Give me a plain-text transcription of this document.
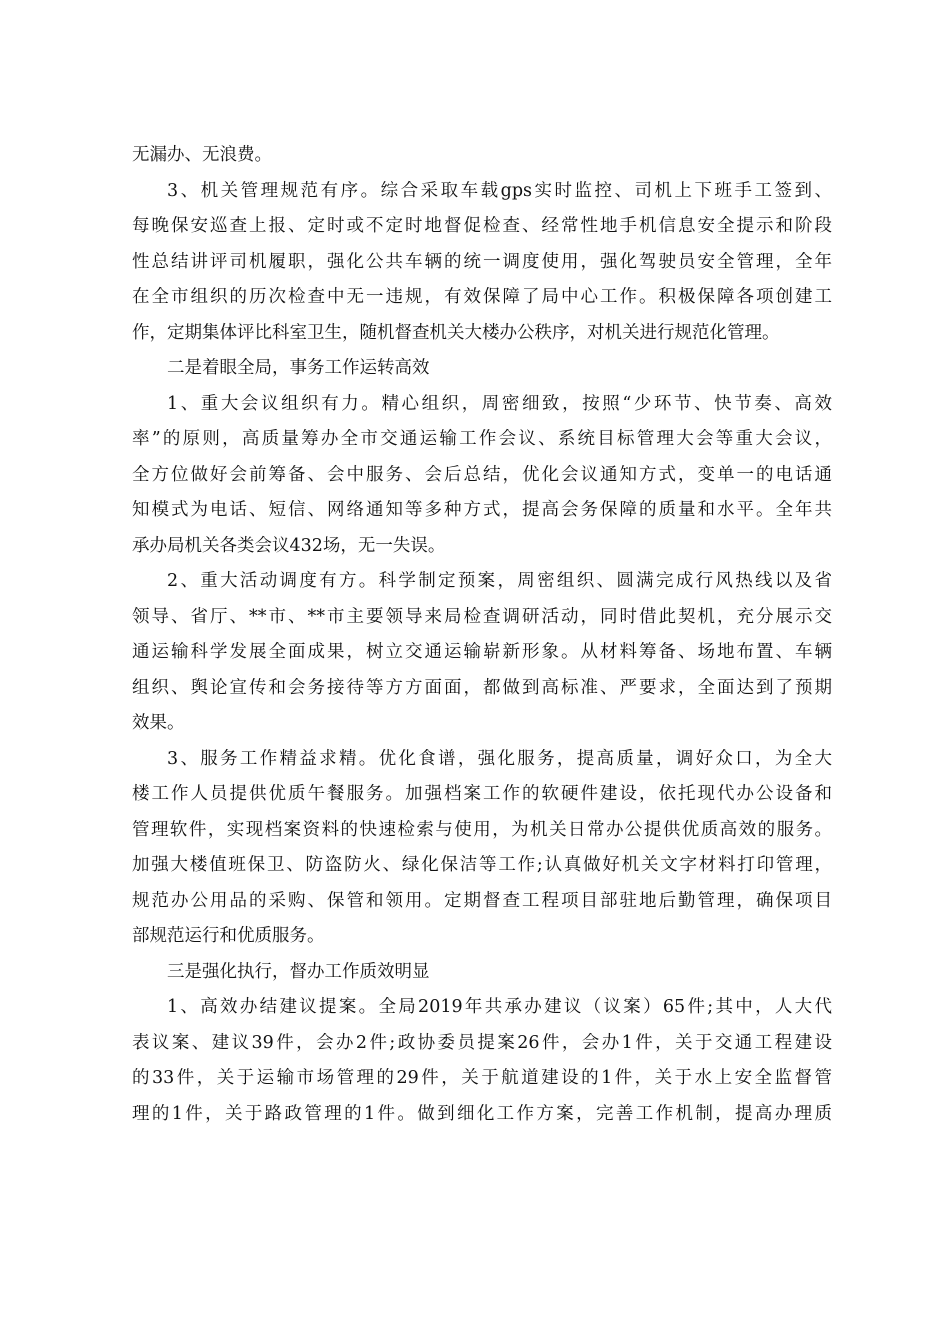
无漏办、无浪费。
3、机关管理规范有序。综合采取车载gps实时监控、司机上下班手工签到、
每晚保安巡查上报、定时或不定时地督促检查、经常性地手机信息安全提示和阶段
性总结讲评司机履职，强化公共车辆的统一调度使用，强化驾驶员安全管理，全年
在全市组织的历次检查中无一违规，有效保障了局中心工作。积极保障各项创建工
作，定期集体评比科室卫生，随机督查机关大楼办公秩序，对机关进行规范化管理。
二是着眼全局，事务工作运转高效
1、重大会议组织有力。精心组织，周密细致，按照“少环节、快节奏、高效
率”的原则，高质量筹办全市交通运输工作会议、系统目标管理大会等重大会议，
全方位做好会前筹备、会中服务、会后总结，优化会议通知方式，变单一的电话通
知模式为电话、短信、网络通知等多种方式，提高会务保障的质量和水平。全年共
承办局机关各类会议432场，无一失误。
2、重大活动调度有方。科学制定预案，周密组织、圆满完成行风热线以及省
领导、省厅、**市、**市主要领导来局检查调研活动，同时借此契机，充分展示交
通运输科学发展全面成果，树立交通运输崭新形象。从材料筹备、场地布置、车辆
组织、舆论宣传和会务接待等方方面面，都做到高标准、严要求，全面达到了预期
效果。
3、服务工作精益求精。优化食谱，强化服务，提高质量，调好众口，为全大
楼工作人员提供优质午餐服务。加强档案工作的软硬件建设，依托现代办公设备和
管理软件，实现档案资料的快速检索与使用，为机关日常办公提供优质高效的服务。
加强大楼值班保卫、防盗防火、绿化保洁等工作;认真做好机关文字材料打印管理，
规范办公用品的采购、保管和领用。定期督查工程项目部驻地后勤管理，确保项目
部规范运行和优质服务。
三是强化执行，督办工作质效明显
1、高效办结建议提案。全局2019年共承办建议（议案）65件;其中，人大代
表议案、建议39件，会办2件;政协委员提案26件，会办1件，关于交通工程建设
的33件，关于运输市场管理的29件，关于航道建设的1件，关于水上安全监督管
理的1件，关于路政管理的1件。做到细化工作方案，完善工作机制，提高办理质
